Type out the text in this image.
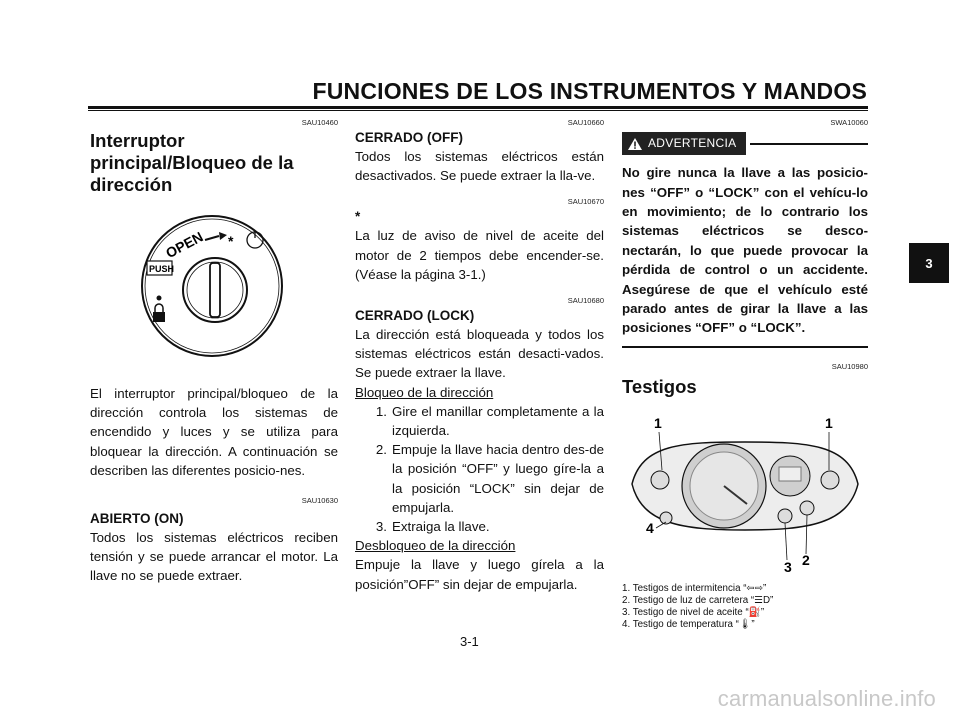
FUNCIONES DE LOS INSTRUMENTOS Y MANDOS
SAU10460
Interruptor principal/Bloqueo de la dirección
OPEN *
PUSH

El interruptor principal/bloqueo de la dirección controla los sistemas de encendido y luces y se utiliza para bloquear la dirección. A continuación se describen las diferentes posicio-nes.

SAU10630
ABIERTO (ON)

Todos los sistemas eléctricos reciben tensión y se puede arrancar el motor. La llave no se puede extraer.

SAU10660
CERRADO (OFF)

Todos los sistemas eléctricos están desactivados. Se puede extraer la lla-ve.

SAU10670
*

La luz de aviso de nivel de aceite del motor de 2 tiempos debe encender-se. (Véase la página 3-1.)

SAU10680
CERRADO (LOCK)

La dirección está bloqueada y todos los sistemas eléctricos están desacti-vados. Se puede extraer la llave.

Bloqueo de la dirección
1. Gire el manillar completamente a la izquierda.
2. Empuje la llave hacia dentro des-de la posición “OFF” y luego gíre-la a la posición “LOCK” sin dejar de empujarla.
3. Extraiga la llave.
Desbloqueo de la dirección

Empuje la llave y luego gírela a la posición”OFF” sin dejar de empujarla.

SWA10060
ADVERTENCIA
No gire nunca la llave a las posicio-nes “OFF” o “LOCK” con el vehícu-lo en movimiento; de lo contrario los sistemas eléctricos se desco-nectarán, lo que puede provocar la pérdida de control o un accidente. Asegúrese de que el vehículo esté parado antes de girar la llave a las posiciones “OFF” o “LOCK”.
SAU10980
Testigos
1	1
4
3 2
1. Testigos de intermitencia “⇦⇨”
2. Testigo de luz de carretera “☰D”
3. Testigo de nivel de aceite “⛽”
4. Testigo de temperatura “🌡”
3-1
3
carmanualsonline.info
